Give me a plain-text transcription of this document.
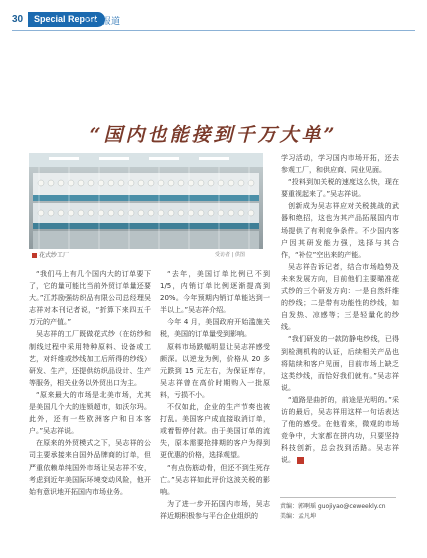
30	Special Report
特别报道
“国内也能接到千万大单”
花式纱工厂	受访者 | 供图

“我们马上有几个国内大的订单要下了，它的量可能比当前外贸订单量还要大。”江苏励强纺织品有限公司总经理吴志祥对本刊记者说，“折算下来四五千万元的产值。”

吴志祥的工厂既做花式纱（在纺纱和制线过程中采用特种原料、设备或工艺，对纤维或纱线加工后所得的纱线）研发、生产，还提供纺织品设计、生产等服务，相关业务以外贸出口为主。

“原来最大的市场是北美市场，尤其是美国几个大的连锁超市，如沃尔玛。此外，还有一些欧洲客户和日本客户。”吴志祥说。

在原来的外贸模式之下，吴志祥的公司主要承接来自国外品牌商的订单，但严重依赖单纯国外市场让吴志祥不安，考虑到近年美国际环境变动风险，他开始有意识地开拓国内市场业务。

“去年，美国订单比例已不到 1/5，内销订单比例逐渐提高到 20%。今年预期内销订单能达到一半以上。”吴志祥介绍。

今年 4 月，美国政府开始滥施关税，美国的订单量受到影响。

原料市场跌幅明显让吴志祥感受颇深。以逆龙为例，价格从 20 多元跌到 15 元左右，为保证库存，吴志祥曾在高价时期购入一批原料，亏损不小。

不仅如此，企业的生产节奏也被打乱。美国客户成直接取消订单，或着暂停付款。由于美国订单的流失，原本需要抢排期的客户为得到更优惠的价格，选择观望。

“有点伤筋动骨，但还不到生死存亡。”吴志祥如此评价这波关税的影响。

为了进一步开拓国内市场，吴志祥近期积极参与平台企业组织的

学习活动，学习国内市场开拓，还去参观工厂，和供应商、同业见面。

“投料到加关税的速度这么快，现在要重视起来了。”吴志祥说。

创新成为吴志祥应对关税挑战的武器和绝招，这也为其产品拓展国内市场提供了有利竞争条件。不少国内客户因其研发能力强，选择与其合作，“补位”空出来的产能。

吴志祥告诉记者，结合市场趋势及未来发展方向，目前他们主要瞄准花式纱的三个研发方向：一是自然纤维的纱线；二是带有功能性的纱线，如自发热、凉感等；三是轻量化的纱线。

“我们研发的一款防静电纱线，已得到检测机构的认证，后续相关产品也将陆续和客户见面，目前市场上缺乏这类纱线，而恰好我们就有。”吴志祥说。

“道路是曲折的，前途是光明的。”采访的最后，吴志祥用这样一句话表达了他的感受。在他看来，微观的市场竞争中，大家都在拼内功，只要坚持科技创新，总会找到活路。吴志祥说。

责编：郭啊瑶 guojiyao@ceweekly.cn
美编：孟凡坤
